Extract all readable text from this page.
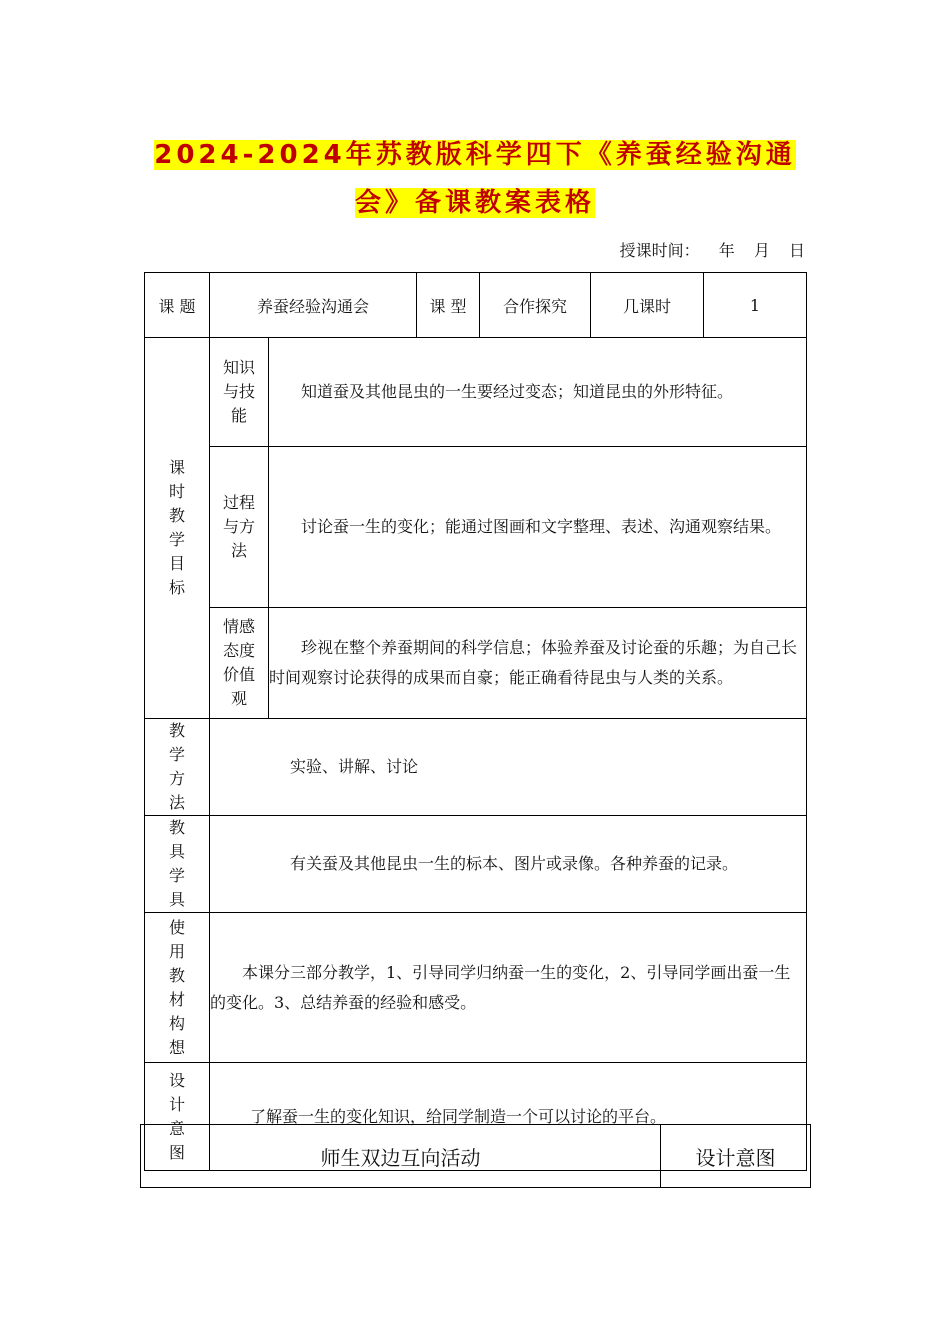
2024-2024年苏教版科学四下《养蚕经验沟通
会》备课教案表格
授课时间： 年 月 日
课 题	养蚕经验沟通会		课 型	合作探究	几课时	1
课时教学目标	知识与技能	知道蚕及其他昆虫的一生要经过变态；知道昆虫的外形特征。				
	过程与方法	讨论蚕一生的变化；能通过图画和文字整理、表述、沟通观察结果。				
	情感态度价值观	珍视在整个养蚕期间的科学信息；体验养蚕及讨论蚕的乐趣；为自己长时间观察讨论获得的成果而自豪；能正确看待昆虫与人类的关系。				
教学方法	实验、讲解、讨论					
教具学具	有关蚕及其他昆虫一生的标本、图片或录像。各种养蚕的记录。					
使用教材构想	本课分三部分教学，1、引导同学归纳蚕一生的变化，2、引导同学画出蚕一生的变化。3、总结养蚕的经验和感受。					
设计意图	了解蚕一生的变化知识，给同学制造一个可以讨论的平台。					
师生双边互向活动	设计意图
